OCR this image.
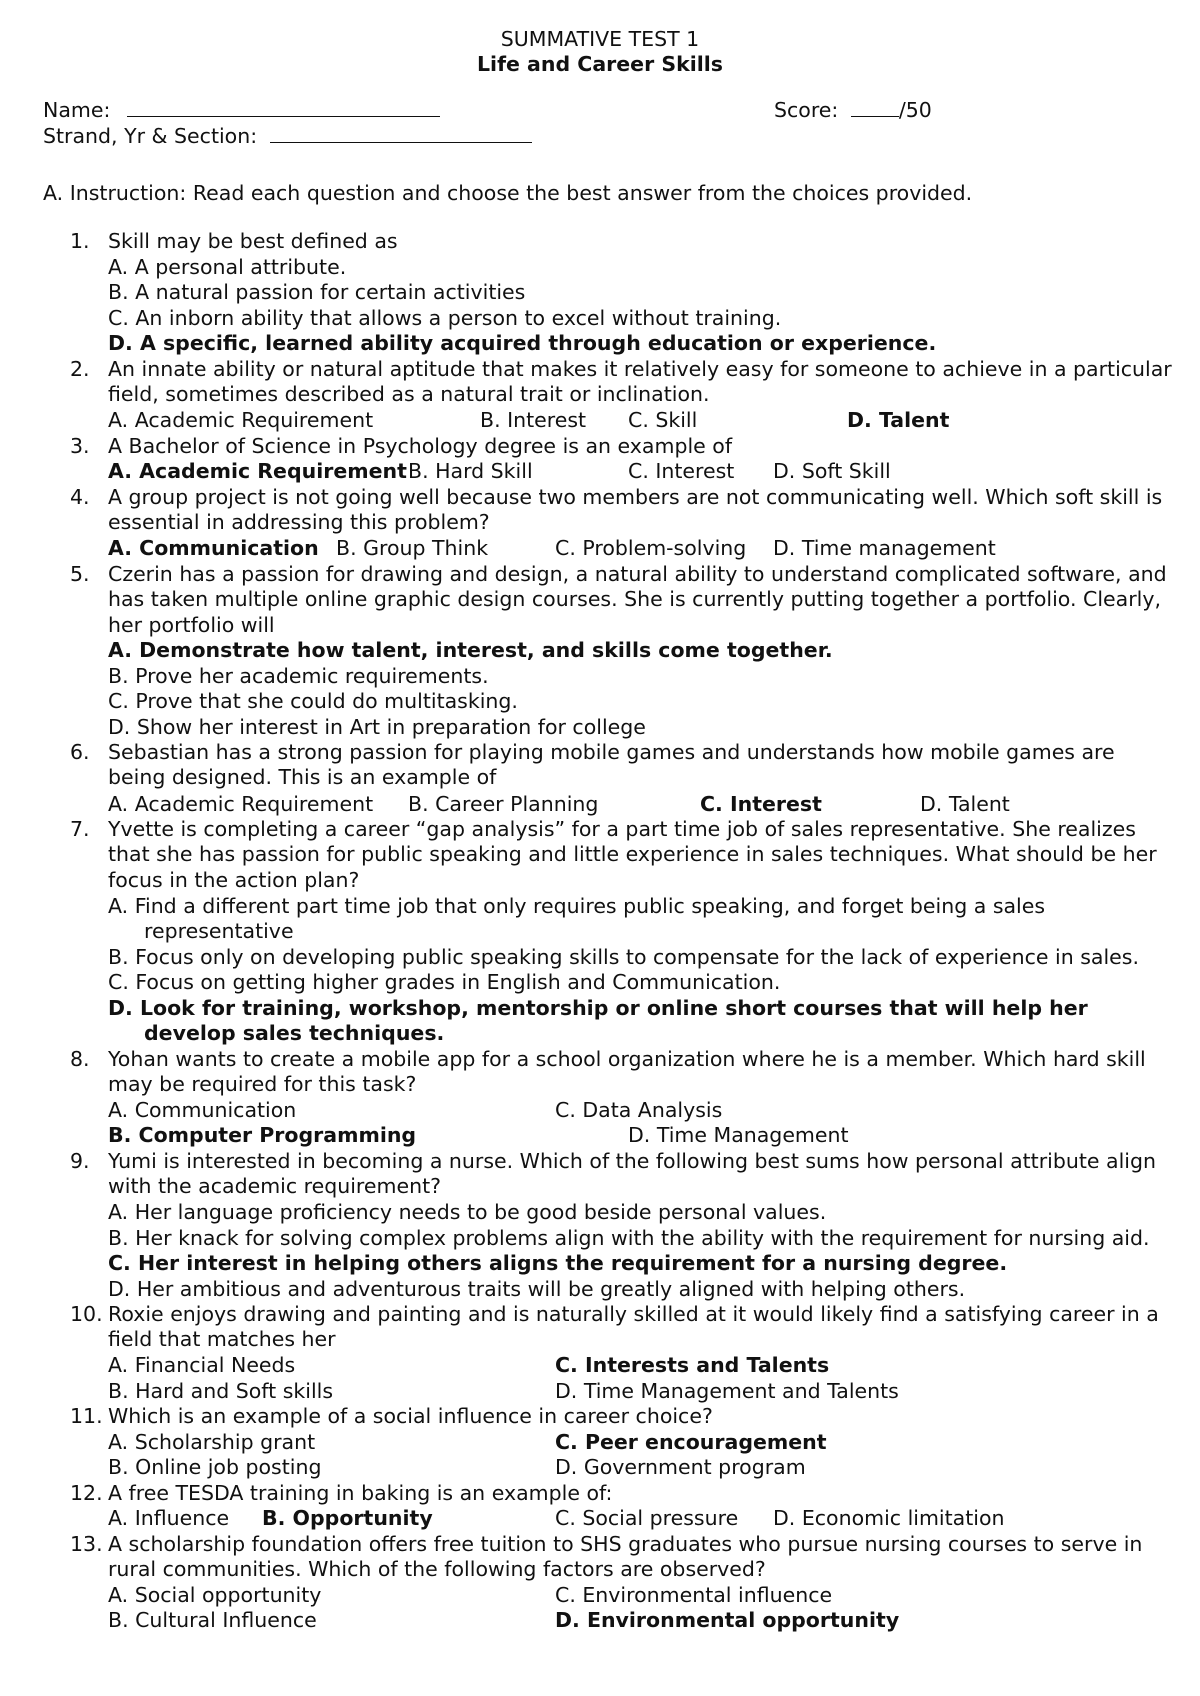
SUMMATIVE TEST 1
Life and Career Skills
Name:	Score:	/50
Strand, Yr & Section:
A. Instruction: Read each question and choose the best answer from the choices provided.
1. Skill may be best defined as
A. A personal attribute.
B. A natural passion for certain activities
C. An inborn ability that allows a person to excel without training.
D. A specific, learned ability acquired through education or experience.
2. An innate ability or natural aptitude that makes it relatively easy for someone to achieve in a particular
field, sometimes described as a natural trait or inclination.
A. Academic Requirement	B. Interest C. Skill	D. Talent
3. A Bachelor of Science in Psychology degree is an example of
A. Academic Requirement B. Hard Skill	C. Interest D. Soft Skill
4. A group project is not going well because two members are not communicating well. Which soft skill is
essential in addressing this problem?
A. Communication B. Group Think	C. Problem-solving D. Time management
5. Czerin has a passion for drawing and design, a natural ability to understand complicated software, and
has taken multiple online graphic design courses. She is currently putting together a portfolio. Clearly,
her portfolio will
A. Demonstrate how talent, interest, and skills come together.
B. Prove her academic requirements.
C. Prove that she could do multitasking.
D. Show her interest in Art in preparation for college
6. Sebastian has a strong passion for playing mobile games and understands how mobile games are
being designed. This is an example of
A. Academic Requirement B. Career Planning	C. Interest	D. Talent
7. Yvette is completing a career “gap analysis” for a part time job of sales representative. She realizes
that she has passion for public speaking and little experience in sales techniques. What should be her
focus in the action plan?
A. Find a different part time job that only requires public speaking, and forget being a sales
representative
B. Focus only on developing public speaking skills to compensate for the lack of experience in sales.
C. Focus on getting higher grades in English and Communication.
D. Look for training, workshop, mentorship or online short courses that will help her
develop sales techniques.
8. Yohan wants to create a mobile app for a school organization where he is a member. Which hard skill
may be required for this task?
A. Communication	C. Data Analysis
B. Computer Programming	D. Time Management
9. Yumi is interested in becoming a nurse. Which of the following best sums how personal attribute align
with the academic requirement?
A. Her language proficiency needs to be good beside personal values.
B. Her knack for solving complex problems align with the ability with the requirement for nursing aid.
C. Her interest in helping others aligns the requirement for a nursing degree.
D. Her ambitious and adventurous traits will be greatly aligned with helping others.
10. Roxie enjoys drawing and painting and is naturally skilled at it would likely find a satisfying career in a
field that matches her
A. Financial Needs	C. Interests and Talents
B. Hard and Soft skills	D. Time Management and Talents
11. Which is an example of a social influence in career choice?
A. Scholarship grant	C. Peer encouragement
B. Online job posting	D. Government program
12. A free TESDA training in baking is an example of:
A. Influence B. Opportunity	C. Social pressure D. Economic limitation
13. A scholarship foundation offers free tuition to SHS graduates who pursue nursing courses to serve in
rural communities. Which of the following factors are observed?
A. Social opportunity	C. Environmental influence
B. Cultural Influence	D. Environmental opportunity
